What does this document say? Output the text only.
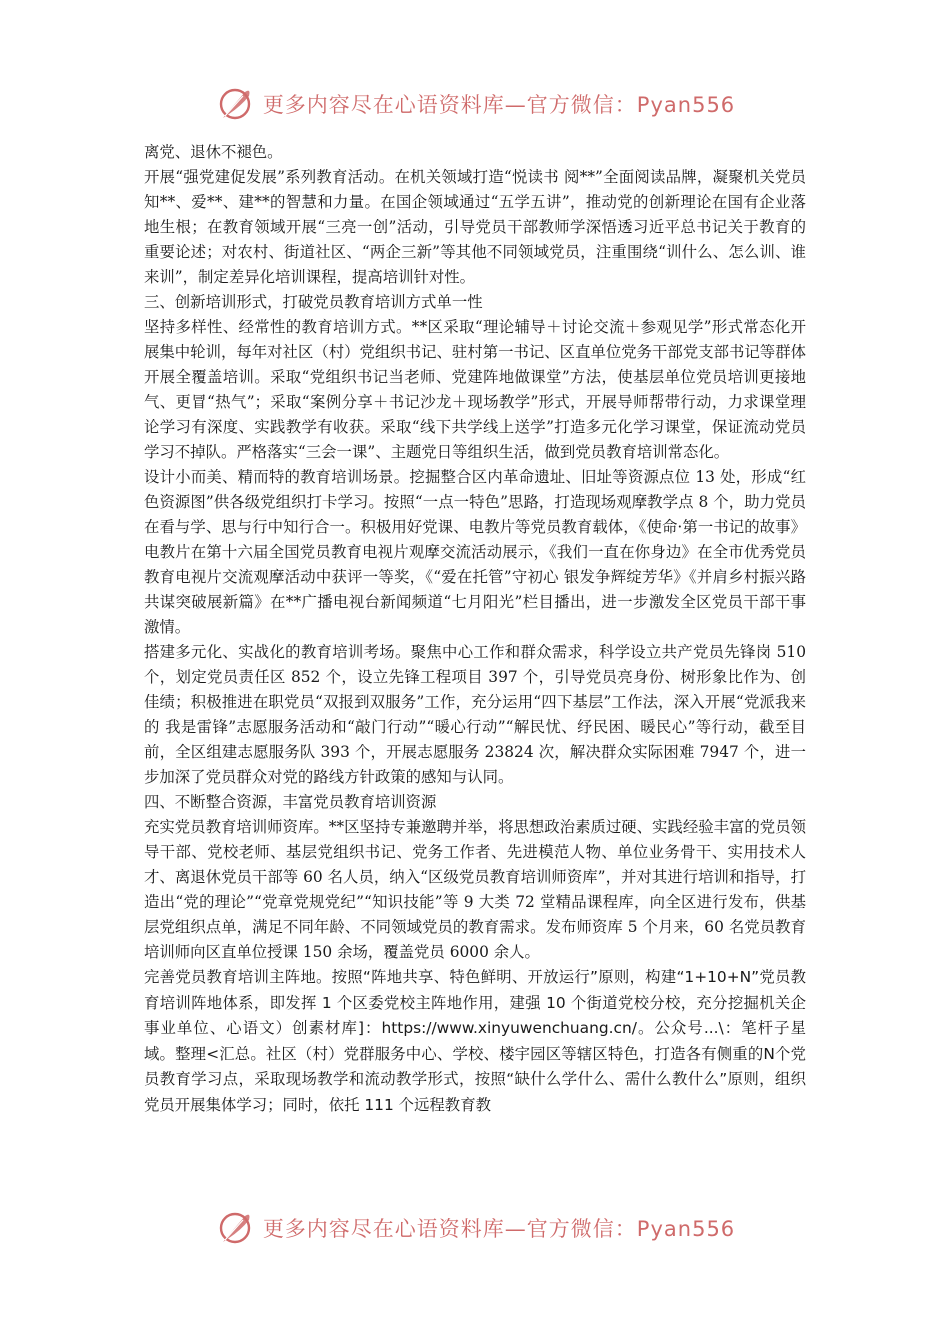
更多内容尽在心语资料库—官方微信：Pyan556

离党、退休不褪色。

开展“强党建促发展”系列教育活动。在机关领域打造“悦读书 阅**”全面阅读品牌，凝聚机关党员知**、爱**、建**的智慧和力量。在国企领域通过“五学五讲”，推动党的创新理论在国有企业落地生根；在教育领域开展“三亮一创”活动，引导党员干部教师学深悟透习近平总书记关于教育的重要论述；对农村、街道社区、“两企三新”等其他不同领域党员，注重围绕“训什么、怎么训、谁来训”，制定差异化培训课程，提高培训针对性。

三、创新培训形式，打破党员教育培训方式单一性

坚持多样性、经常性的教育培训方式。**区采取“理论辅导＋讨论交流＋参观见学”形式常态化开展集中轮训，每年对社区（村）党组织书记、驻村第一书记、区直单位党务干部党支部书记等群体开展全覆盖培训。采取“党组织书记当老师、党建阵地做课堂”方法，使基层单位党员培训更接地气、更冒“热气”；采取“案例分享＋书记沙龙＋现场教学”形式，开展导师帮带行动，力求课堂理论学习有深度、实践教学有收获。采取“线下共学线上送学”打造多元化学习课堂，保证流动党员学习不掉队。严格落实“三会一课”、主题党日等组织生活，做到党员教育培训常态化。

设计小而美、精而特的教育培训场景。挖掘整合区内革命遗址、旧址等资源点位 13 处，形成“红色资源图”供各级党组织打卡学习。按照“一点一特色”思路，打造现场观摩教学点 8 个，助力党员在看与学、思与行中知行合一。积极用好党课、电教片等党员教育载体，《使命·第一书记的故事》电教片在第十六届全国党员教育电视片观摩交流活动展示，《我们一直在你身边》在全市优秀党员教育电视片交流观摩活动中获评一等奖，《“爱在托管”守初心 银发争辉绽芳华》《并肩乡村振兴路 共谋突破展新篇》在**广播电视台新闻频道“七月阳光”栏目播出，进一步激发全区党员干部干事激情。

搭建多元化、实战化的教育培训考场。聚焦中心工作和群众需求，科学设立共产党员先锋岗 510 个，划定党员责任区 852 个，设立先锋工程项目 397 个，引导党员亮身份、树形象比作为、创佳绩；积极推进在职党员“双报到双服务”工作，充分运用“四下基层”工作法，深入开展“党派我来的 我是雷锋”志愿服务活动和“敲门行动”“暖心行动”“解民忧、纾民困、暖民心”等行动，截至目前，全区组建志愿服务队 393 个，开展志愿服务 23824 次，解决群众实际困难 7947 个，进一步加深了党员群众对党的路线方针政策的感知与认同。

四、不断整合资源，丰富党员教育培训资源

充实党员教育培训师资库。**区坚持专兼邀聘并举，将思想政治素质过硬、实践经验丰富的党员领导干部、党校老师、基层党组织书记、党务工作者、先进模范人物、单位业务骨干、实用技术人才、离退休党员干部等 60 名人员，纳入“区级党员教育培训师资库”，并对其进行培训和指导，打造出“党的理论”“党章党规党纪”“知识技能”等 9 大类 72 堂精品课程库，向全区进行发布，供基层党组织点单，满足不同年龄、不同领域党员的教育需求。发布师资库 5 个月来，60 名党员教育培训师向区直单位授课 150 余场，覆盖党员 6000 余人。

完善党员教育培训主阵地。按照“阵地共享、特色鲜明、开放运行”原则，构建“1+10+N”党员教育培训阵地体系，即发挥 1 个区委党校主阵地作用，建强 10 个街道党校分校，充分挖掘机关企事业单位、心语文）创素材库]：https://www.xinyuwenchuang.cn/。公众号...\：笔杆子星域。整理<汇总。社区（村）党群服务中心、学校、楼宇园区等辖区特色，打造各有侧重的N个党员教育学习点，采取现场教学和流动教学形式，按照“缺什么学什么、需什么教什么”原则，组织党员开展集体学习；同时，依托 111 个远程教育教

更多内容尽在心语资料库—官方微信：Pyan556
